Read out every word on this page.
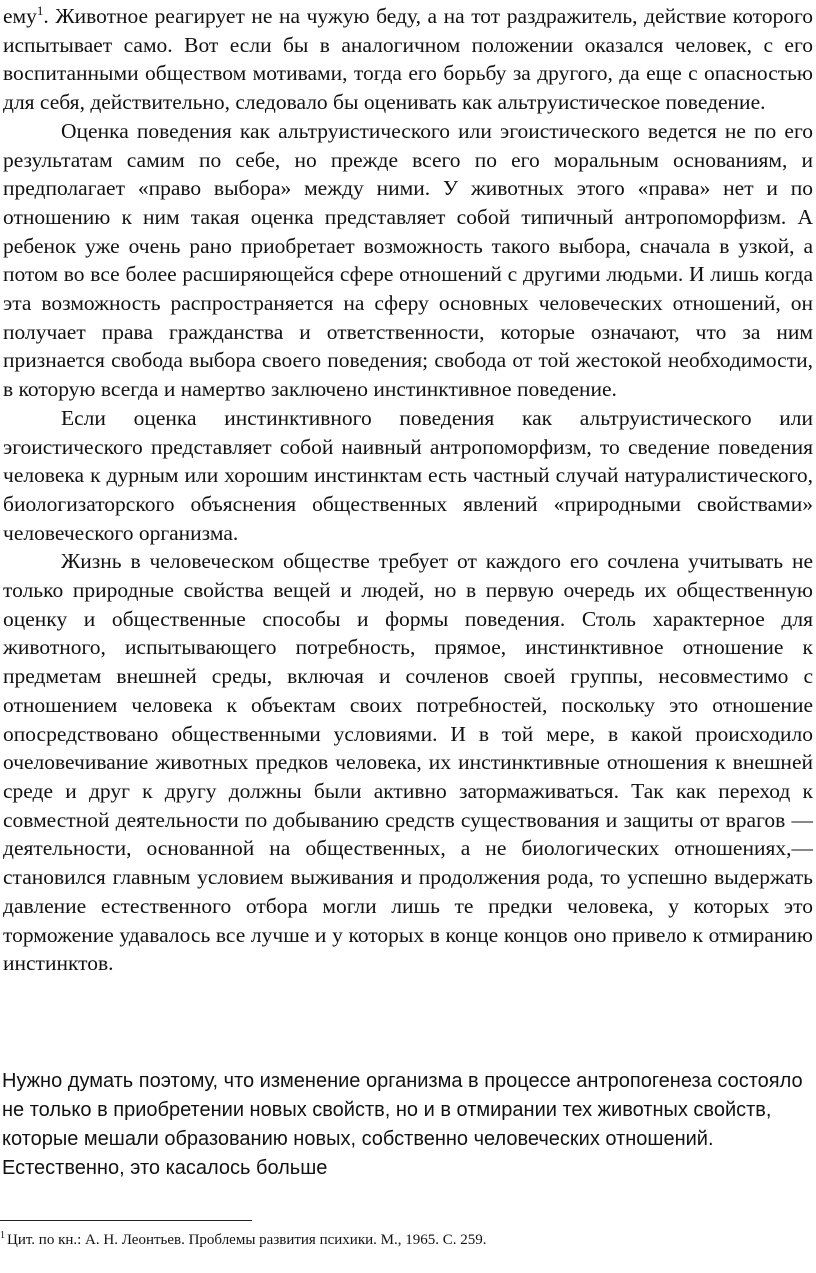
ему$^1$. Животное реагирует не на чужую беду, а на тот раздражитель, действие которого испытывает само. Вот если бы в аналогичном положении оказался человек, с его воспитанными обществом мотивами, тогда его борьбу за другого, да еще с опасностью для себя, действительно, следовало бы оценивать как альтруистическое поведение.

Оценка поведения как альтруистического или эгоистического ведется не по его результатам самим по себе, но прежде всего по его моральным основаниям, и предполагает «право выбора» между ними. У животных этого «права» нет и по отношению к ним такая оценка представляет собой типичный антропоморфизм. А ребенок уже очень рано приобретает возможность такого выбора, сначала в узкой, а потом во все более расширяющейся сфере отношений с другими людьми. И лишь когда эта возможность распространяется на сферу основных человеческих отношений, он получает права гражданства и ответственности, которые означают, что за ним признается свобода выбора своего поведения; свобода от той жестокой необходимости, в которую всегда и намертво заключено инстинктивное поведение.

Если оценка инстинктивного поведения как альтруистического или эгоистического представляет собой наивный антропоморфизм, то сведение поведения человека к дурным или хорошим инстинктам есть частный случай натуралистического, биологизаторского объяснения общественных явлений «природными свойствами» человеческого организма.

Жизнь в человеческом обществе требует от каждого его сочлена учитывать не только природные свойства вещей и людей, но в первую очередь их общественную оценку и общественные способы и формы поведения. Столь характерное для животного, испытывающего потребность, прямое, инстинктивное отношение к предметам внешней среды, включая и сочленов своей группы, несовместимо с отношением человека к объектам своих потребностей, поскольку это отношение опосредствовано общественными условиями. И в той мере, в какой происходило очеловечивание животных предков человека, их инстинктивные отношения к внешней среде и друг к другу должны были активно затормаживаться. Так как переход к совместной деятельности по добыванию средств существования и защиты от врагов — деятельности, основанной на общественных, а не биологических отношениях,— становился главным условием выживания и продолжения рода, то успешно выдержать давление естественного отбора могли лишь те предки человека, у которых это торможение удавалось все лучше и у которых в конце концов оно привело к отмиранию инстинктов.

Нужно думать поэтому, что изменение организма в процессе антропогенеза состояло не только в приобретении новых свойств, но и в отмирании тех животных свойств, которые мешали образованию новых, собственно человеческих отношений. Естественно, это касалось больше

$^1$ Цит. по кн.: А. Н. Леонтьев. Проблемы развития психики. М., 1965. С. 259.
